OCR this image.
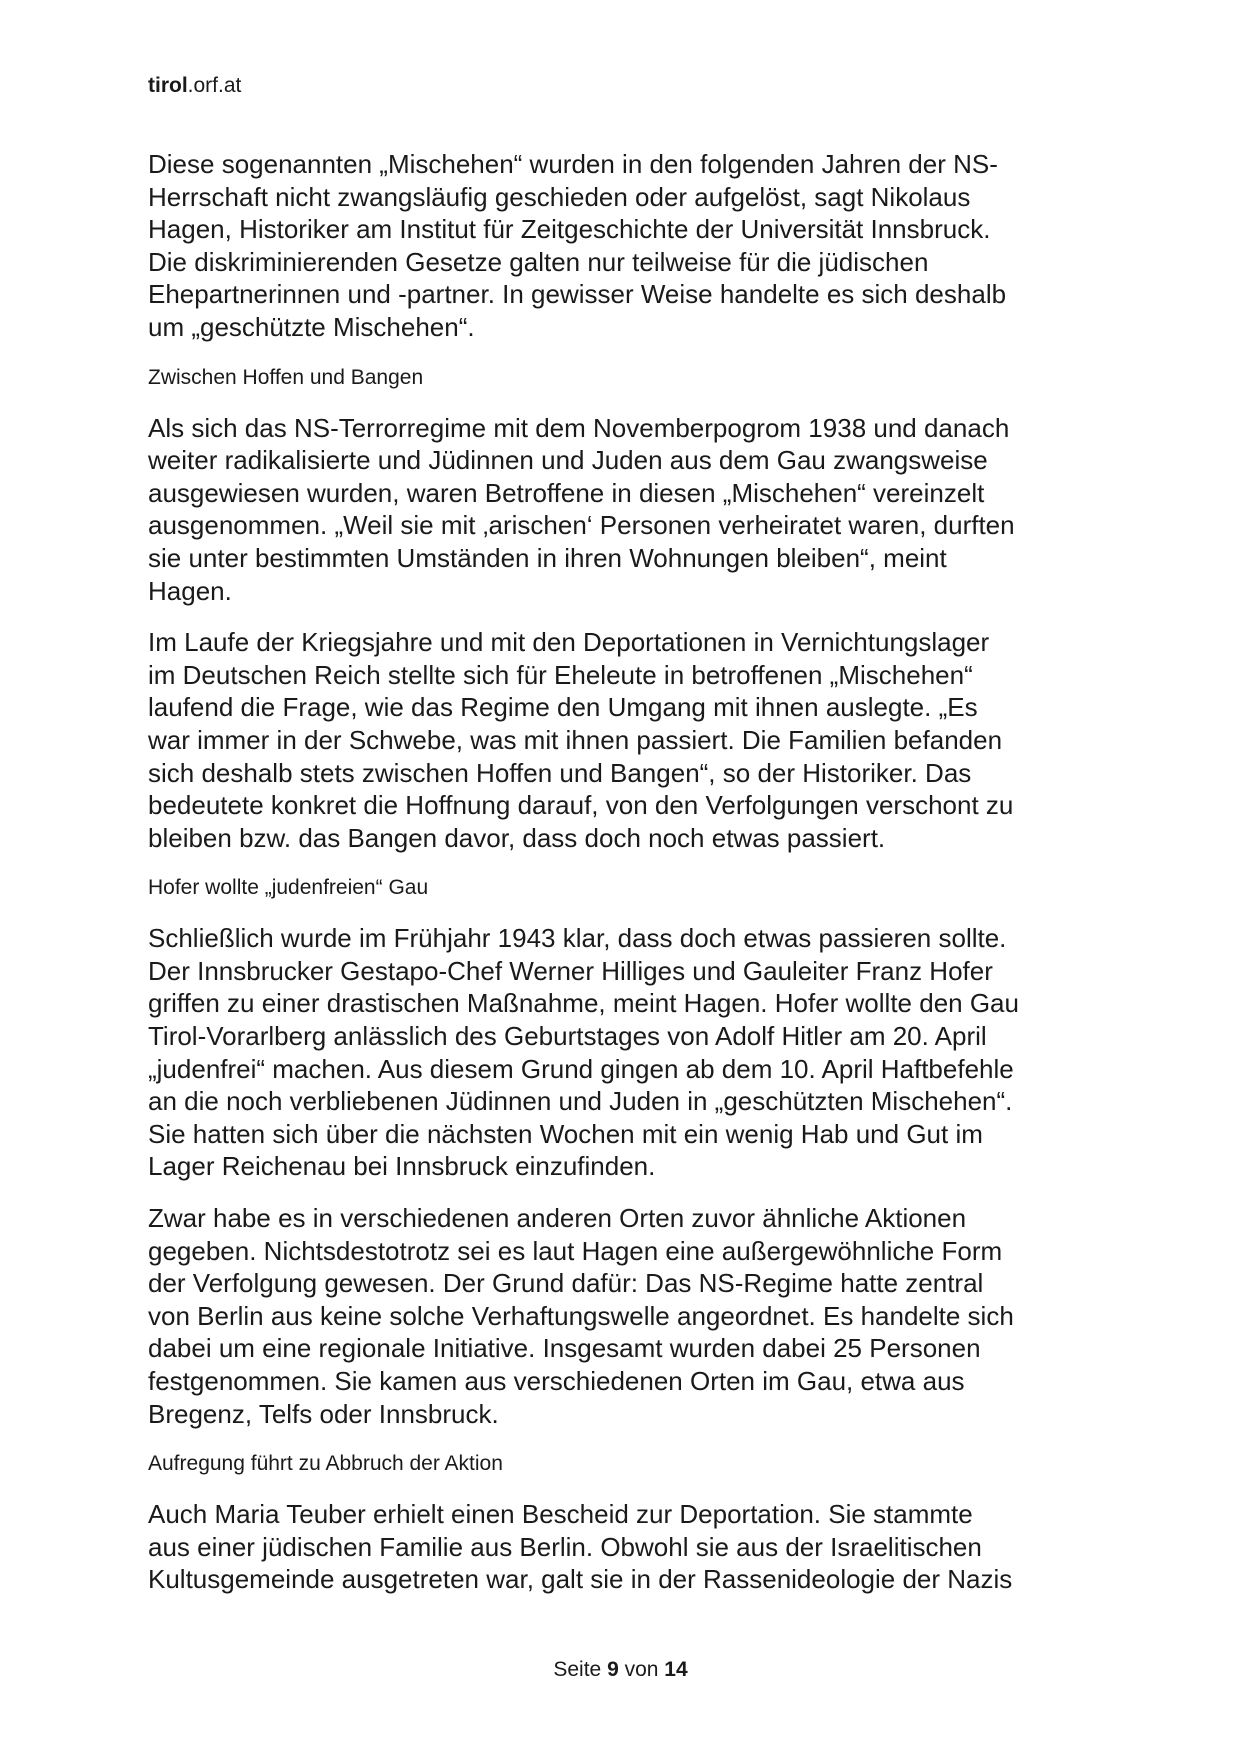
tirol.orf.at

Diese sogenannten „Mischehen“ wurden in den folgenden Jahren der NS-
Herrschaft nicht zwangsläufig geschieden oder aufgelöst, sagt Nikolaus
Hagen, Historiker am Institut für Zeitgeschichte der Universität Innsbruck.
Die diskriminierenden Gesetze galten nur teilweise für die jüdischen
Ehepartnerinnen und -partner. In gewisser Weise handelte es sich deshalb
um „geschützte Mischehen“.

Zwischen Hoffen und Bangen

Als sich das NS-Terrorregime mit dem Novemberpogrom 1938 und danach
weiter radikalisierte und Jüdinnen und Juden aus dem Gau zwangsweise
ausgewiesen wurden, waren Betroffene in diesen „Mischehen“ vereinzelt
ausgenommen. „Weil sie mit ‚arischen‘ Personen verheiratet waren, durften
sie unter bestimmten Umständen in ihren Wohnungen bleiben“, meint
Hagen.

Im Laufe der Kriegsjahre und mit den Deportationen in Vernichtungslager
im Deutschen Reich stellte sich für Eheleute in betroffenen „Mischehen“
laufend die Frage, wie das Regime den Umgang mit ihnen auslegte. „Es
war immer in der Schwebe, was mit ihnen passiert. Die Familien befanden
sich deshalb stets zwischen Hoffen und Bangen“, so der Historiker. Das
bedeutete konkret die Hoffnung darauf, von den Verfolgungen verschont zu
bleiben bzw. das Bangen davor, dass doch noch etwas passiert.

Hofer wollte „judenfreien“ Gau

Schließlich wurde im Frühjahr 1943 klar, dass doch etwas passieren sollte.
Der Innsbrucker Gestapo-Chef Werner Hilliges und Gauleiter Franz Hofer
griffen zu einer drastischen Maßnahme, meint Hagen. Hofer wollte den Gau
Tirol-Vorarlberg anlässlich des Geburtstages von Adolf Hitler am 20. April
„judenfrei“ machen. Aus diesem Grund gingen ab dem 10. April Haftbefehle
an die noch verbliebenen Jüdinnen und Juden in „geschützten Mischehen“.
Sie hatten sich über die nächsten Wochen mit ein wenig Hab und Gut im
Lager Reichenau bei Innsbruck einzufinden.

Zwar habe es in verschiedenen anderen Orten zuvor ähnliche Aktionen
gegeben. Nichtsdestotrotz sei es laut Hagen eine außergewöhnliche Form
der Verfolgung gewesen. Der Grund dafür: Das NS-Regime hatte zentral
von Berlin aus keine solche Verhaftungswelle angeordnet. Es handelte sich
dabei um eine regionale Initiative. Insgesamt wurden dabei 25 Personen
festgenommen. Sie kamen aus verschiedenen Orten im Gau, etwa aus
Bregenz, Telfs oder Innsbruck.

Aufregung führt zu Abbruch der Aktion

Auch Maria Teuber erhielt einen Bescheid zur Deportation. Sie stammte
aus einer jüdischen Familie aus Berlin. Obwohl sie aus der Israelitischen
Kultusgemeinde ausgetreten war, galt sie in der Rassenideologie der Nazis

Seite 9 von 14
